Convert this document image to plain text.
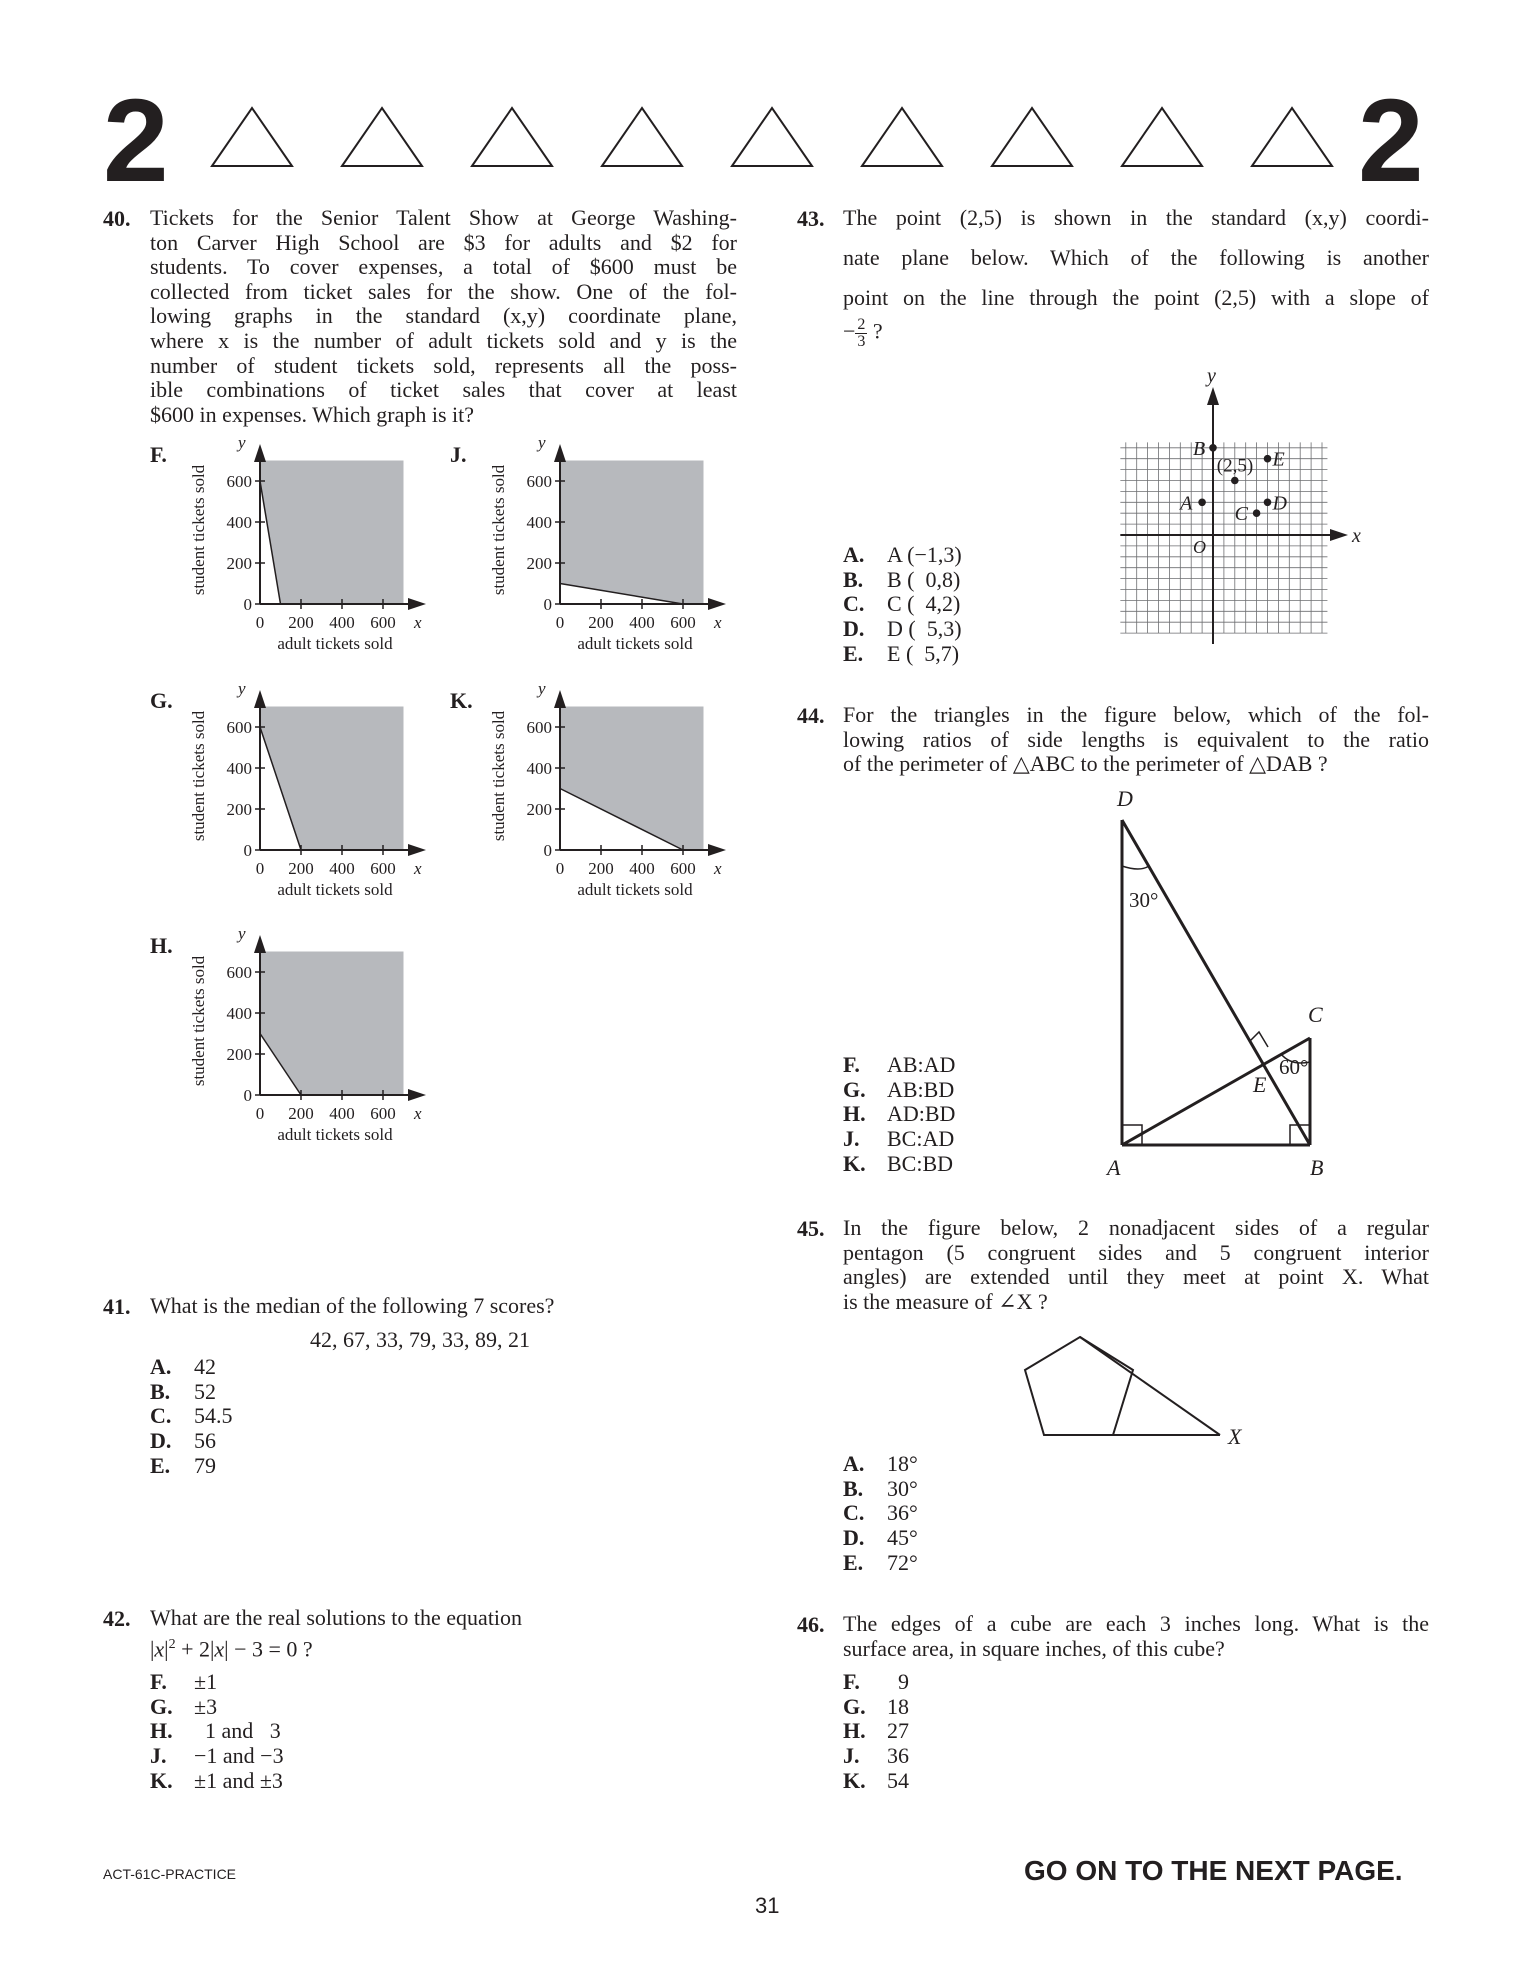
2	2
40. Tickets for the Senior Talent Show at George Washing-
ton Carver High School are $3 for adults and $2 for
students. To cover expenses, a total of $600 must be
collected from ticket sales for the show. One of the fol-
lowing graphs in the standard (x,y) coordinate plane,
where x is the number of adult tickets sold and y is the
number of student tickets sold, represents all the poss-
ible combinations of ticket sales that cover at least
$600 in expenses. Which graph is it?
F.
600
400
200
0
0 200 400 600
y
x
adult tickets sold
student tickets sold
J.
600
400
200
0
0 200 400 600
y
x
adult tickets sold
student tickets sold
G.
600
400
200
0
0 200 400 600
y
x
adult tickets sold
student tickets sold
K.
600
400
200
0
0 200 400 600
y
x
adult tickets sold
student tickets sold
H.
600
400
200
0
0 200 400 600
y
x
adult tickets sold
student tickets sold
41. What is the median of the following 7 scores?
42, 67, 33, 79, 33, 89, 21
A. 42
B. 52
C. 54.5
D. 56
E. 79
42. What are the real solutions to the equation
$|x|^2 + 2|x| - 3 = 0$ ?
F. ±1
G. ±3
H.  1 and   3
J. −1 and −3
K. ±1 and ±3
43. The point (2,5) is shown in the standard (x,y) coordi-
nate plane below. Which of the following is another
point on the line through the point (2,5) with a slope of
− $\frac{2}{3}$ ?
y
x
O
(2,5)
A
B
C D
E
A. A (−1,3)
B. B (  0,8)
C. C (  4,2)
D. D (  5,3)
E. E (  5,7)
44. For the triangles in the figure below, which of the fol-
lowing ratios of side lengths is equivalent to the ratio
of the perimeter of △ABC to the perimeter of △DAB ?
D
A	B
C
E
30°
60°
F. AB:AD
G. AB:BD
H. AD:BD
J. BC:AD
K. BC:BD
45. In the figure below, 2 nonadjacent sides of a regular
pentagon (5 congruent sides and 5 congruent interior
angles) are extended until they meet at point X. What
is the measure of ∠X ?
X
A. 18°
B. 30°
C. 36°
D. 45°
E. 72°
46. The edges of a cube are each 3 inches long. What is the
surface area, in square inches, of this cube?
F.  9
G. 18
H. 27
J. 36
K. 54
ACT-61C-PRACTICE	GO ON TO THE NEXT PAGE.
31
